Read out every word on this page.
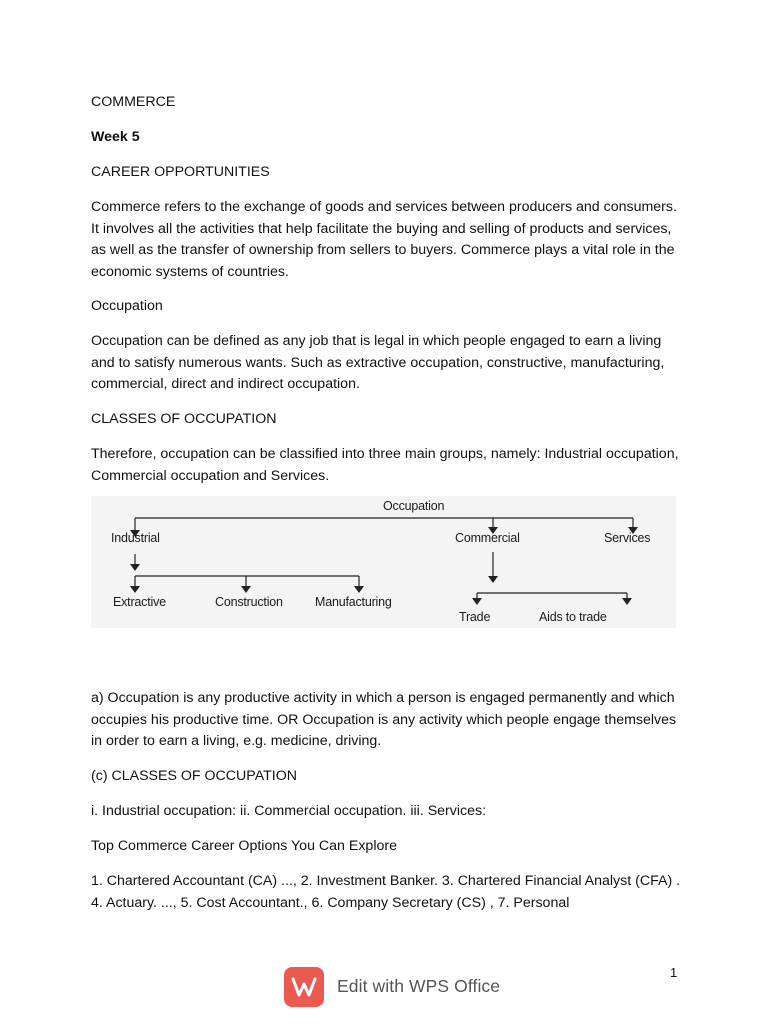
COMMERCE

Week 5

CAREER OPPORTUNITIES

Commerce refers to the exchange of goods and services between producers and consumers. It involves all the activities that help facilitate the buying and selling of products and services, as well as the transfer of ownership from sellers to buyers. Commerce plays a vital role in the economic systems of countries.

Occupation

Occupation can be defined as any job that is legal in which people engaged to earn a living and to satisfy numerous wants. Such as extractive occupation, constructive, manufacturing, commercial, direct and indirect occupation.

CLASSES OF OCCUPATION

Therefore, occupation can be classified into three main groups, namely: Industrial occupation, Commercial occupation and Services.

Occupation
Industrial	Commercial	Services
Extractive	Construction	Manufacturing
Trade	Aids to trade

a) Occupation is any productive activity in which a person is engaged permanently and which occupies his productive time. OR Occupation is any activity which people engage themselves in order to earn a living, e.g. medicine, driving.

(c) CLASSES OF OCCUPATION

i. Industrial occupation: ii. Commercial occupation. iii. Services:

Top Commerce Career Options You Can Explore

1. Chartered Accountant (CA) ..., 2. Investment Banker. 3. Chartered Financial Analyst (CFA) . 4. Actuary. ..., 5. Cost Accountant., 6. Company Secretary (CS) , 7. Personal

1
Edit with WPS Office
